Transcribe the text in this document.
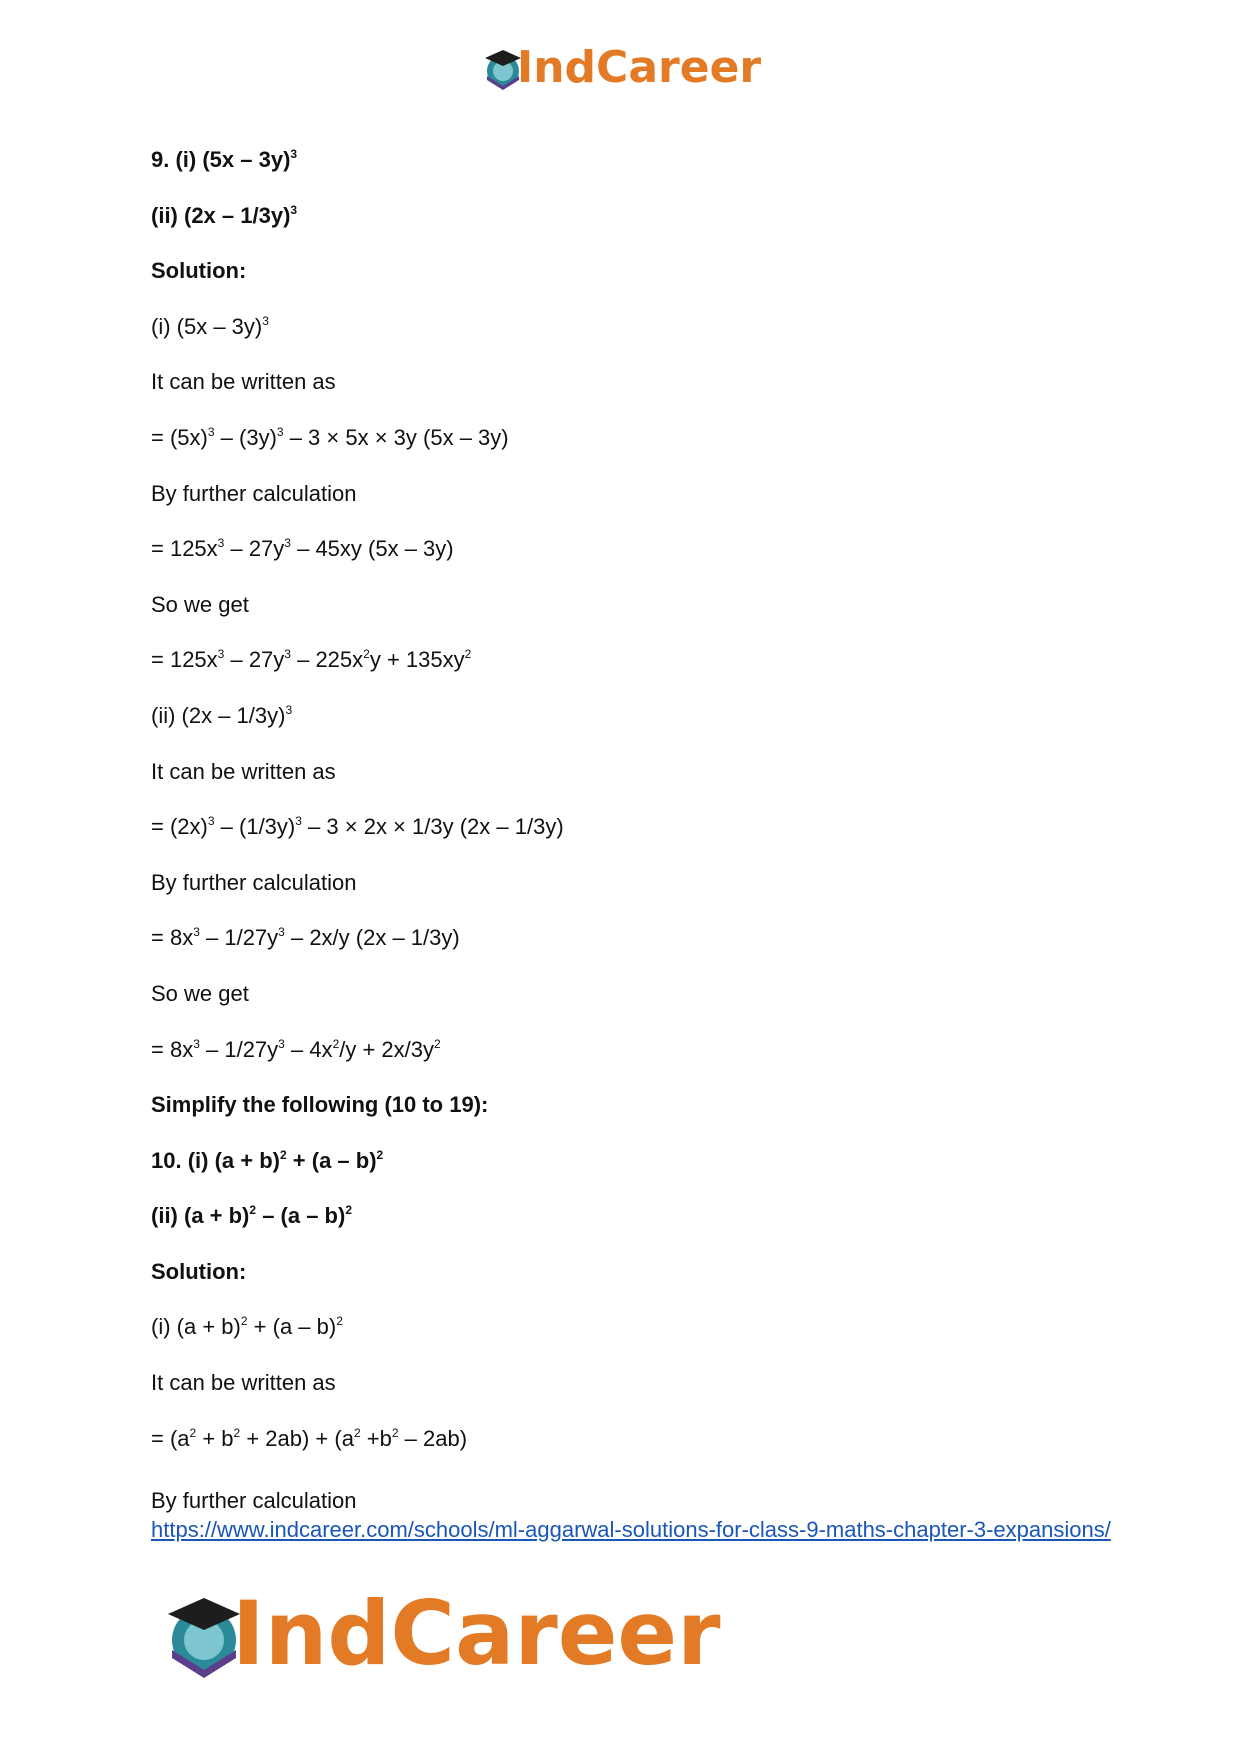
IndCareer
9. (i) (5x – 3y)$^3$
(ii) (2x – 1/3y)$^3$
Solution:
(i) (5x – 3y)$^3$
It can be written as
= $(5x)^3 - (3y)^3 - 3 \times 5x \times 3y$ (5x – 3y)
By further calculation
= $125x^3 - 27y^3 - 45xy$ (5x – 3y)
So we get
= $125x^3 - 27y^3 - 225x^2y + 135xy^2$
(ii) (2x – 1/3y)$^3$
It can be written as
= $(2x)^3 - (1/3y)^3 - 3 \times 2x \times 1/3y$ (2x – 1/3y)
By further calculation
= $8x^3 - 1/27y^3 - 2x/y$ (2x – 1/3y)
So we get
= $8x^3 - 1/27y^3 - 4x^2/y + 2x/3y^2$
Simplify the following (10 to 19):
10. (i) $(a + b)^2 + (a - b)^2$
(ii) $(a + b)^2 - (a - b)^2$
Solution:
(i) $(a + b)^2 + (a - b)^2$
It can be written as
= $(a^2 + b^2 + 2ab) + (a^2 +b^2 - 2ab)$
By further calculation
https://www.indcareer.com/schools/ml-aggarwal-solutions-for-class-9-maths-chapter-3-expansions/
IndCareer
